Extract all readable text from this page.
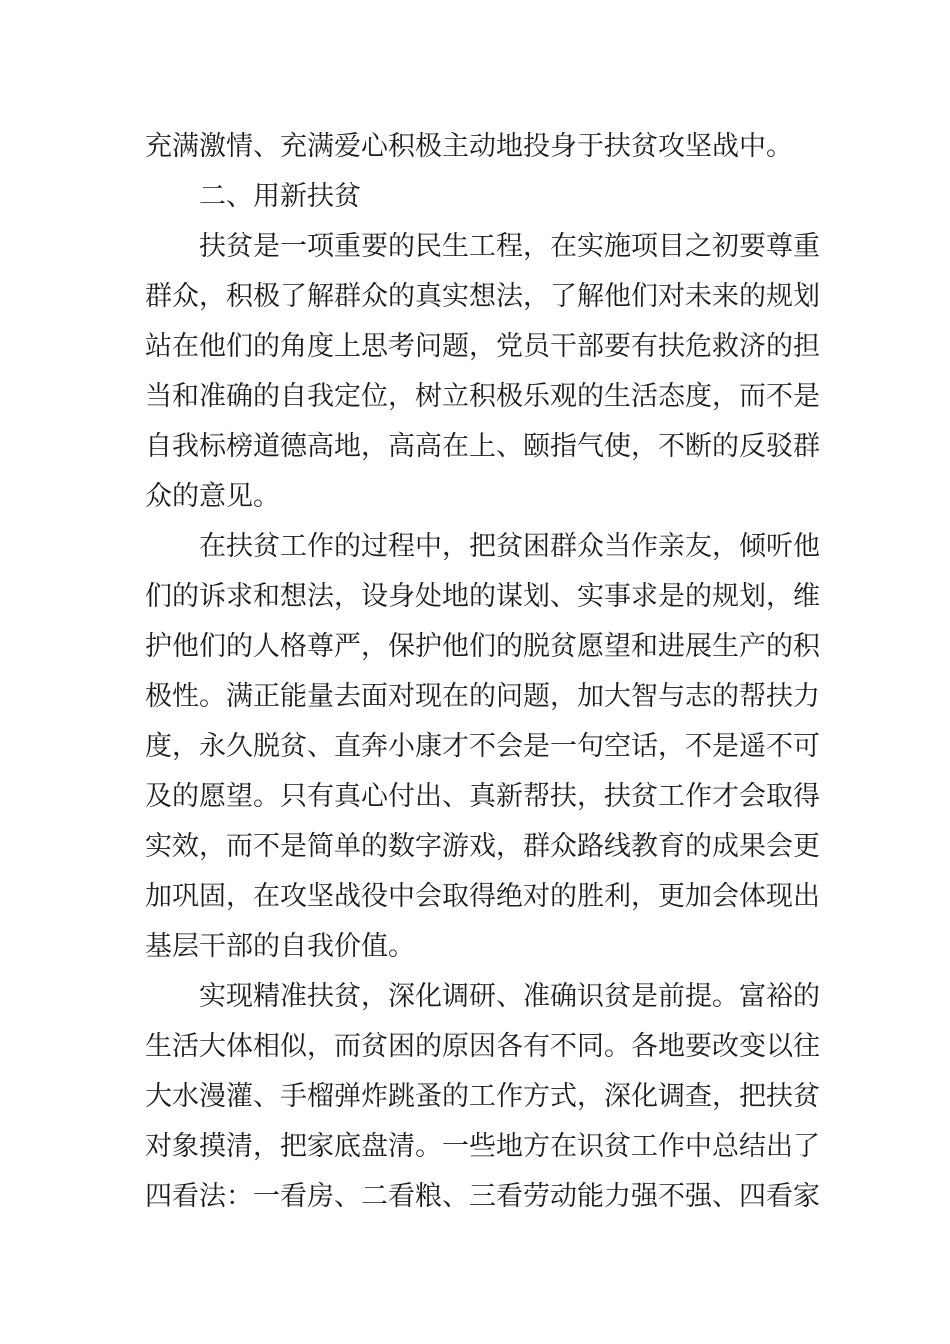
充满激情、充满爱心积极主动地投身于扶贫攻坚战中。
二、用新扶贫
扶贫是一项重要的民生工程，在实施项目之初要尊重
群众，积极了解群众的真实想法，了解他们对未来的规划
站在他们的角度上思考问题，党员干部要有扶危救济的担
当和准确的自我定位，树立积极乐观的生活态度，而不是
自我标榜道德高地，高高在上、颐指气使，不断的反驳群
众的意见。
在扶贫工作的过程中，把贫困群众当作亲友，倾听他
们的诉求和想法，设身处地的谋划、实事求是的规划，维
护他们的人格尊严，保护他们的脱贫愿望和进展生产的积
极性。满正能量去面对现在的问题，加大智与志的帮扶力
度，永久脱贫、直奔小康才不会是一句空话，不是遥不可
及的愿望。只有真心付出、真新帮扶，扶贫工作才会取得
实效，而不是简单的数字游戏，群众路线教育的成果会更
加巩固，在攻坚战役中会取得绝对的胜利，更加会体现出
基层干部的自我价值。
实现精准扶贫，深化调研、准确识贫是前提。富裕的
生活大体相似，而贫困的原因各有不同。各地要改变以往
大水漫灌、手榴弹炸跳蚤的工作方式，深化调查，把扶贫
对象摸清，把家底盘清。一些地方在识贫工作中总结出了
四看法：一看房、二看粮、三看劳动能力强不强、四看家
